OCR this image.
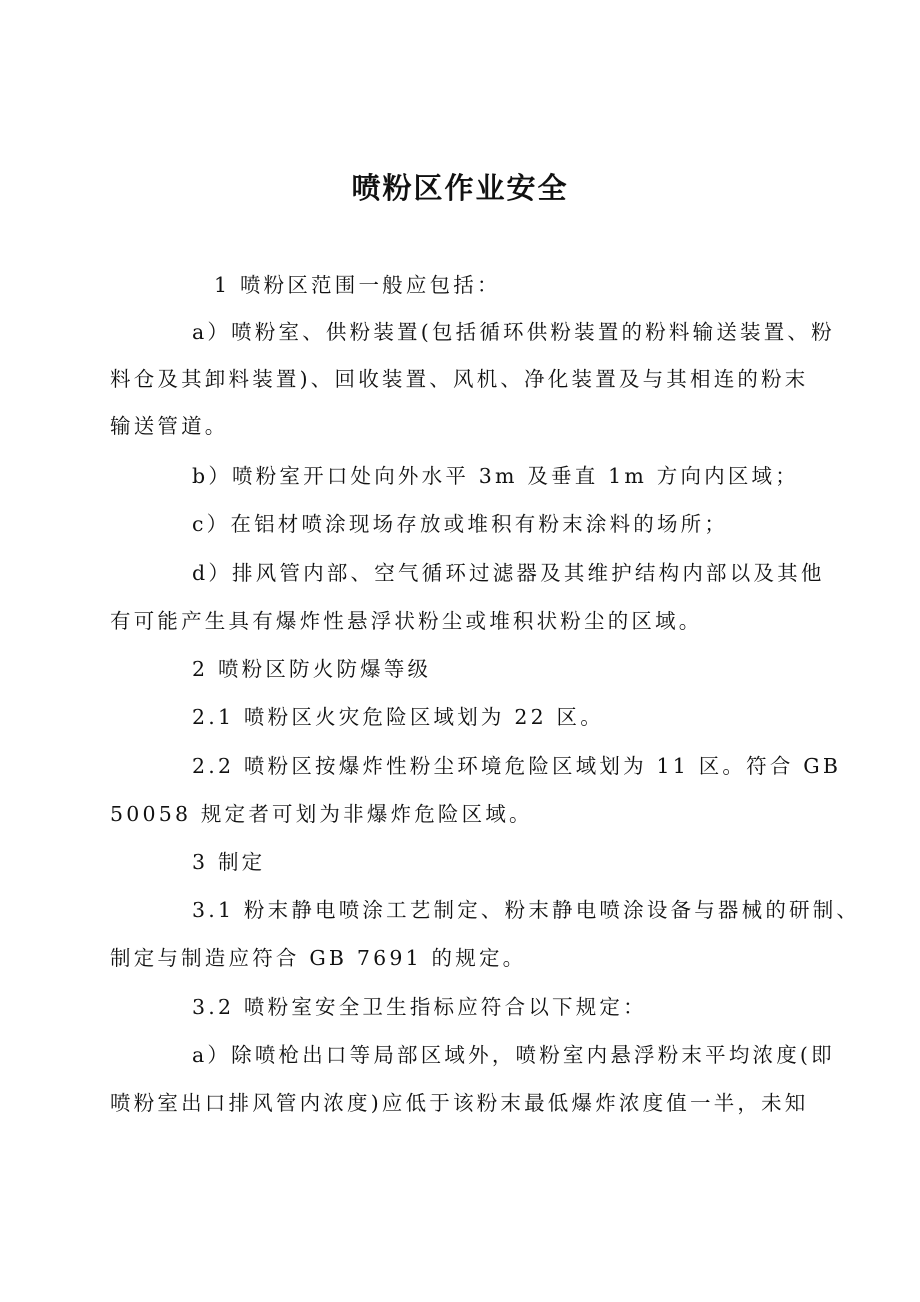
喷粉区作业安全
1 喷粉区范围一般应包括：
a）喷粉室、供粉装置(包括循环供粉装置的粉料输送装置、粉
料仓及其卸料装置)、回收装置、风机、净化装置及与其相连的粉末
输送管道。
b）喷粉室开口处向外水平 3m 及垂直 1m 方向内区域；
c）在铝材喷涂现场存放或堆积有粉末涂料的场所；
d）排风管内部、空气循环过滤器及其维护结构内部以及其他
有可能产生具有爆炸性悬浮状粉尘或堆积状粉尘的区域。
2 喷粉区防火防爆等级
2.1 喷粉区火灾危险区域划为 22 区。
2.2 喷粉区按爆炸性粉尘环境危险区域划为 11 区。符合 GB
50058 规定者可划为非爆炸危险区域。
3 制定
3.1 粉末静电喷涂工艺制定、粉末静电喷涂设备与器械的研制、
制定与制造应符合 GB 7691 的规定。
3.2 喷粉室安全卫生指标应符合以下规定：
a）除喷枪出口等局部区域外，喷粉室内悬浮粉末平均浓度(即
喷粉室出口排风管内浓度)应低于该粉末最低爆炸浓度值一半，未知
